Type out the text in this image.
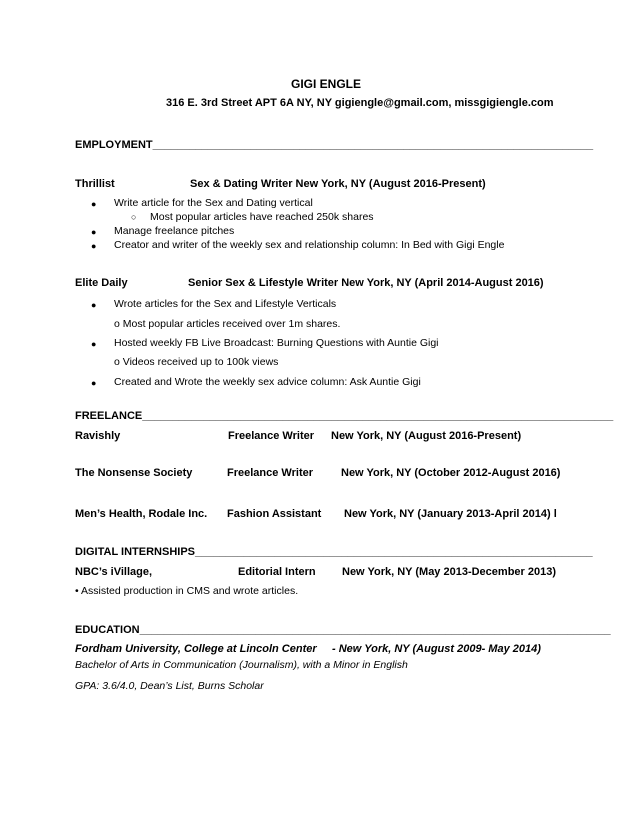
GIGI ENGLE
316 E. 3rd Street APT 6A NY, NY gigiengle@gmail.com, missgigiengle.com
EMPLOYMENT________________________________________________________________________
Thrillist	Sex & Dating Writer New York, NY (August 2016-Present)
● Write article for the Sex and Dating vertical
○ Most popular articles have reached 250k shares
● Manage freelance pitches
● Creator and writer of the weekly sex and relationship column: In Bed with Gigi Engle
Elite Daily	Senior Sex & Lifestyle Writer New York, NY (April 2014-August 2016)
● Wrote articles for the Sex and Lifestyle Verticals
o Most popular articles received over 1m shares.
● Hosted weekly FB Live Broadcast: Burning Questions with Auntie Gigi
o Videos received up to 100k views
● Created and Wrote the weekly sex advice column: Ask Auntie Gigi
FREELANCE_____________________________________________________________________________
Ravishly	Freelance Writer New York, NY (August 2016-Present)
The Nonsense Society	Freelance Writer	New York, NY (October 2012-August 2016)
Men’s Health, Rodale Inc. Fashion Assistant New York, NY (January 2013-April 2014) l
DIGITAL INTERNSHIPS_________________________________________________________________
NBC’s iVillage,	Editorial Intern New York, NY (May 2013-December 2013)
• Assisted production in CMS and wrote articles.
EDUCATION_____________________________________________________________________________
Fordham University, College at Lincoln Center - New York, NY (August 2009- May 2014)
Bachelor of Arts in Communication (Journalism), with a Minor in English
GPA: 3.6/4.0, Dean’s List, Burns Scholar
